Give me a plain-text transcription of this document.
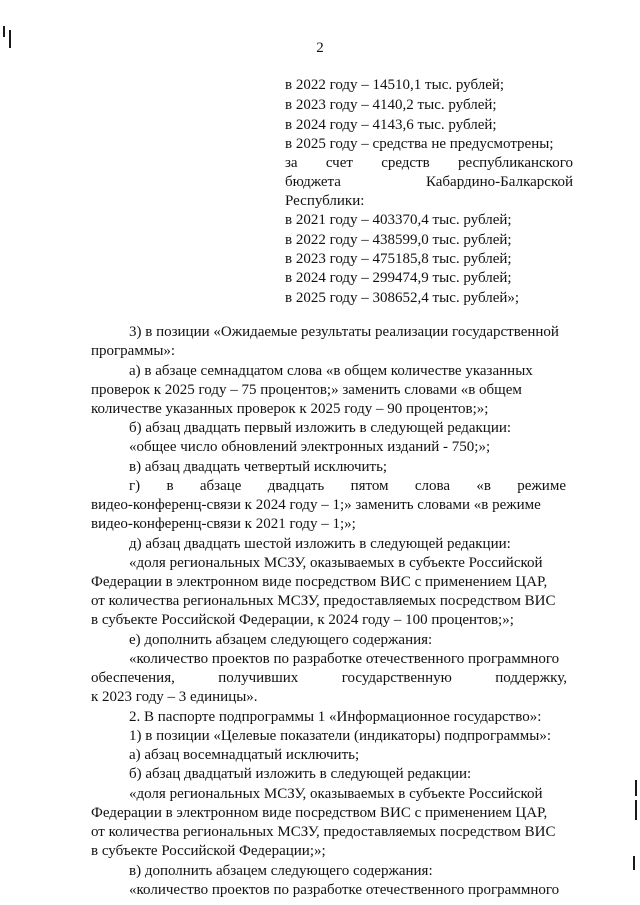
2
в 2022 году – 14510,1 тыс. рублей;
в 2023 году – 4140,2 тыс. рублей;
в 2024 году – 4143,6 тыс. рублей;
в 2025 году – средства не предусмотрены;
за счет средств республиканского
бюджета	Кабардино-Балкарской
Республики:
в 2021 году – 403370,4 тыс. рублей;
в 2022 году – 438599,0 тыс. рублей;
в 2023 году – 475185,8 тыс. рублей;
в 2024 году – 299474,9 тыс. рублей;
в 2025 году – 308652,4 тыс. рублей»;
3) в позиции «Ожидаемые результаты реализации государственной
программы»:
а) в абзаце семнадцатом слова «в общем количестве указанных
проверок к 2025 году – 75 процентов;» заменить словами «в общем
количестве указанных проверок к 2025 году – 90 процентов;»;
б) абзац двадцать первый изложить в следующей редакции:
«общее число обновлений электронных изданий - 750;»;
в) абзац двадцать четвертый исключить;
г) в абзаце двадцать пятом слова «в режиме
видео-конференц-связи к 2024 году – 1;» заменить словами «в режиме
видео-конференц-связи к 2021 году – 1;»;
д) абзац двадцать шестой изложить в следующей редакции:
«доля региональных МСЗУ, оказываемых в субъекте Российской
Федерации в электронном виде посредством ВИС с применением ЦАР,
от количества региональных МСЗУ, предоставляемых посредством ВИС
в субъекте Российской Федерации, к 2024 году – 100 процентов;»;
е) дополнить абзацем следующего содержания:
«количество проектов по разработке отечественного программного
обеспечения,	получивших	государственную	поддержку,
к 2023 году – 3 единицы».
2. В паспорте подпрограммы 1 «Информационное государство»:
1) в позиции «Целевые показатели (индикаторы) подпрограммы»:
а) абзац восемнадцатый исключить;
б) абзац двадцатый изложить в следующей редакции:
«доля региональных МСЗУ, оказываемых в субъекте Российской
Федерации в электронном виде посредством ВИС с применением ЦАР,
от количества региональных МСЗУ, предоставляемых посредством ВИС
в субъекте Российской Федерации;»;
в) дополнить абзацем следующего содержания:
«количество проектов по разработке отечественного программного
